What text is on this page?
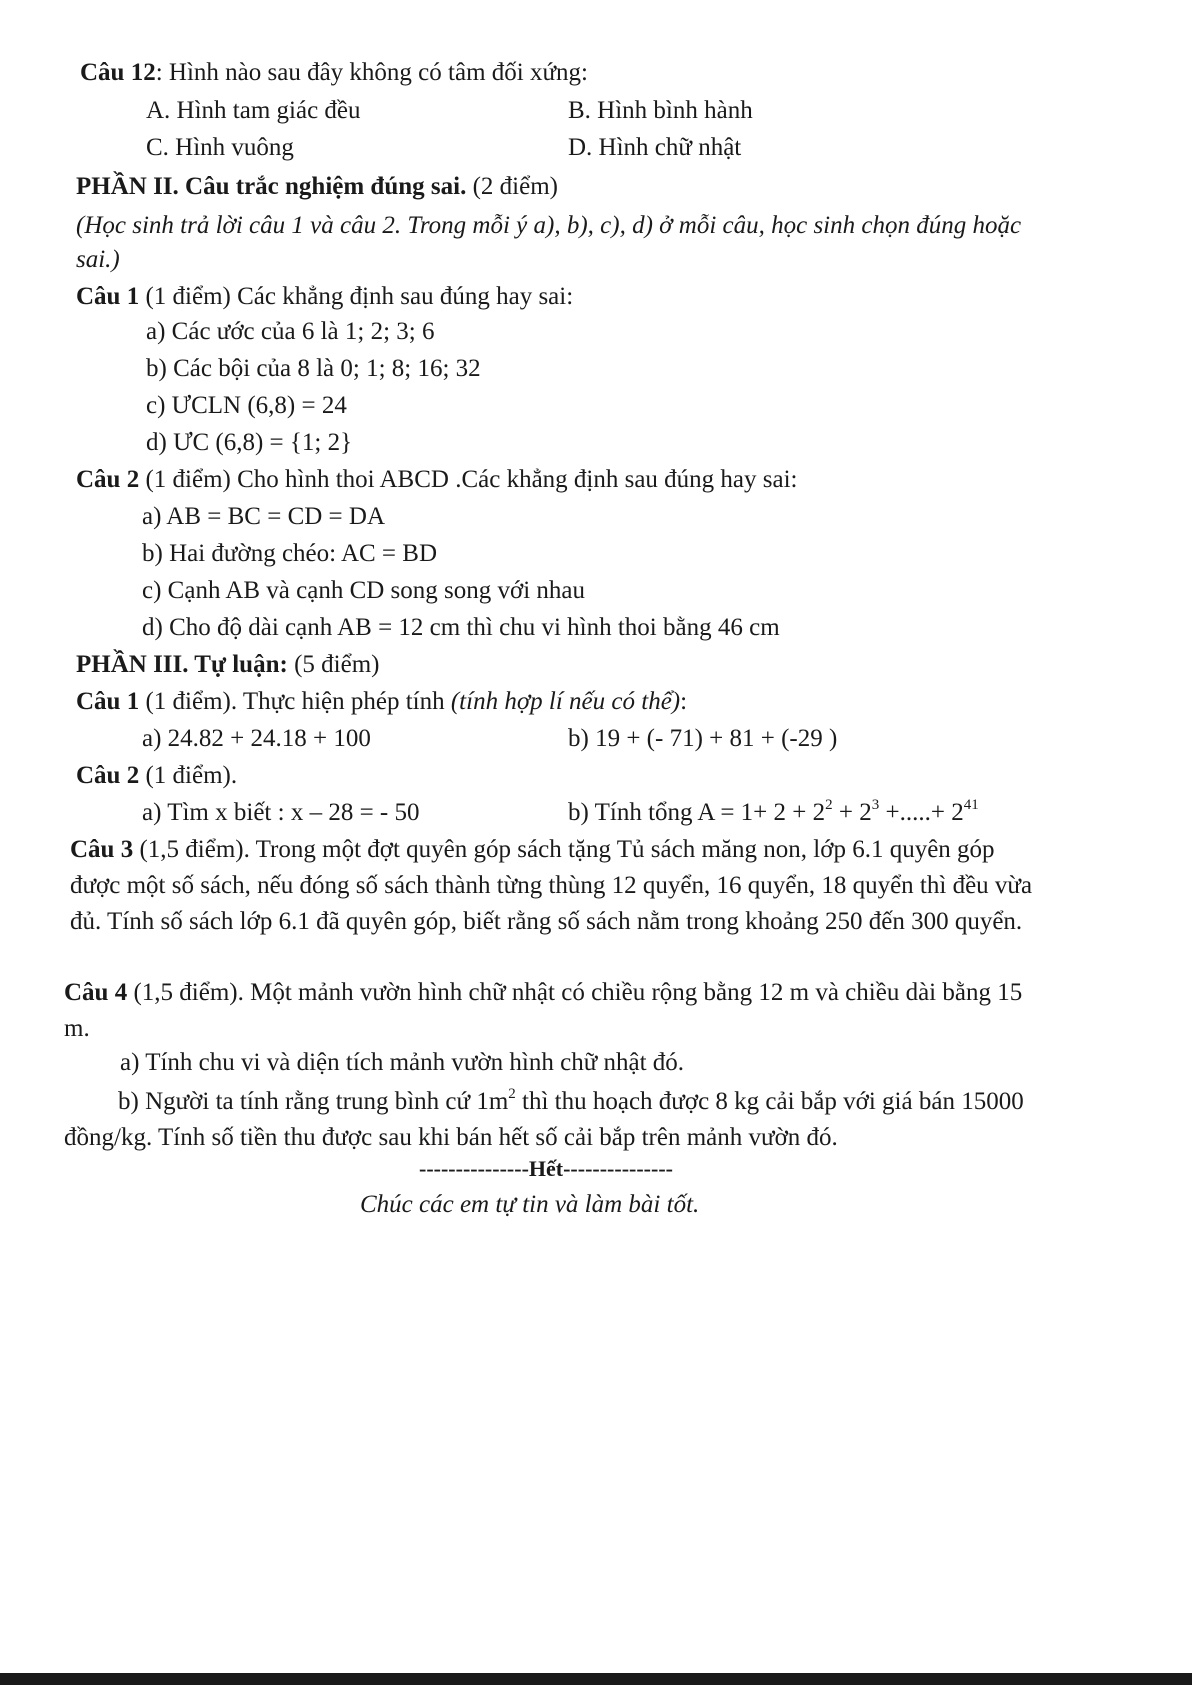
Câu 12: Hình nào sau đây không có tâm đối xứng:
A. Hình tam giác đều	B. Hình bình hành
C. Hình vuông	D. Hình chữ nhật
PHẦN II. Câu trắc nghiệm đúng sai. (2 điểm)
(Học sinh trả lời câu 1 và câu 2. Trong mỗi ý a), b), c), d) ở mỗi câu, học sinh chọn đúng hoặc sai.)
Câu 1 (1 điểm) Các khẳng định sau đúng hay sai:
a) Các ước của 6 là 1; 2; 3; 6
b) Các bội của 8 là 0; 1; 8; 16; 32
c) ƯCLN (6,8) = 24
d) ƯC (6,8) = {1; 2}
Câu 2 (1 điểm) Cho hình thoi ABCD .Các khẳng định sau đúng hay sai:
a) AB = BC = CD = DA
b) Hai đường chéo: AC = BD
c) Cạnh AB và cạnh CD song song với nhau
d) Cho độ dài cạnh AB = 12 cm thì chu vi hình thoi bằng 46 cm
PHẦN III. Tự luận: (5 điểm)
Câu 1 (1 điểm). Thực hiện phép tính (tính hợp lí nếu có thể):
a) 24.82 + 24.18 + 100	b) 19 + (- 71) + 81 + (-29 )
Câu 2 (1 điểm).
a) Tìm x biết : x – 28 = - 50	b) Tính tổng $A = 1+ 2 + 2^2 + 2^3$ +.....+ $2^{41}$
Câu 3 (1,5 điểm). Trong một đợt quyên góp sách tặng Tủ sách măng non, lớp 6.1 quyên góp được một số sách, nếu đóng số sách thành từng thùng 12 quyển, 16 quyển, 18 quyển thì đều vừa đủ. Tính số sách lớp 6.1 đã quyên góp, biết rằng số sách nằm trong khoảng 250 đến 300 quyển.
Câu 4 (1,5 điểm). Một mảnh vườn hình chữ nhật có chiều rộng bằng 12 m và chiều dài bằng 15 m.
a) Tính chu vi và diện tích mảnh vườn hình chữ nhật đó.
b) Người ta tính rằng trung bình cứ $1m^2$ thì thu hoạch được 8 kg cải bắp với giá bán 15000 đồng/kg. Tính số tiền thu được sau khi bán hết số cải bắp trên mảnh vườn đó.
---------------Hết---------------
Chúc các em tự tin và làm bài tốt.
